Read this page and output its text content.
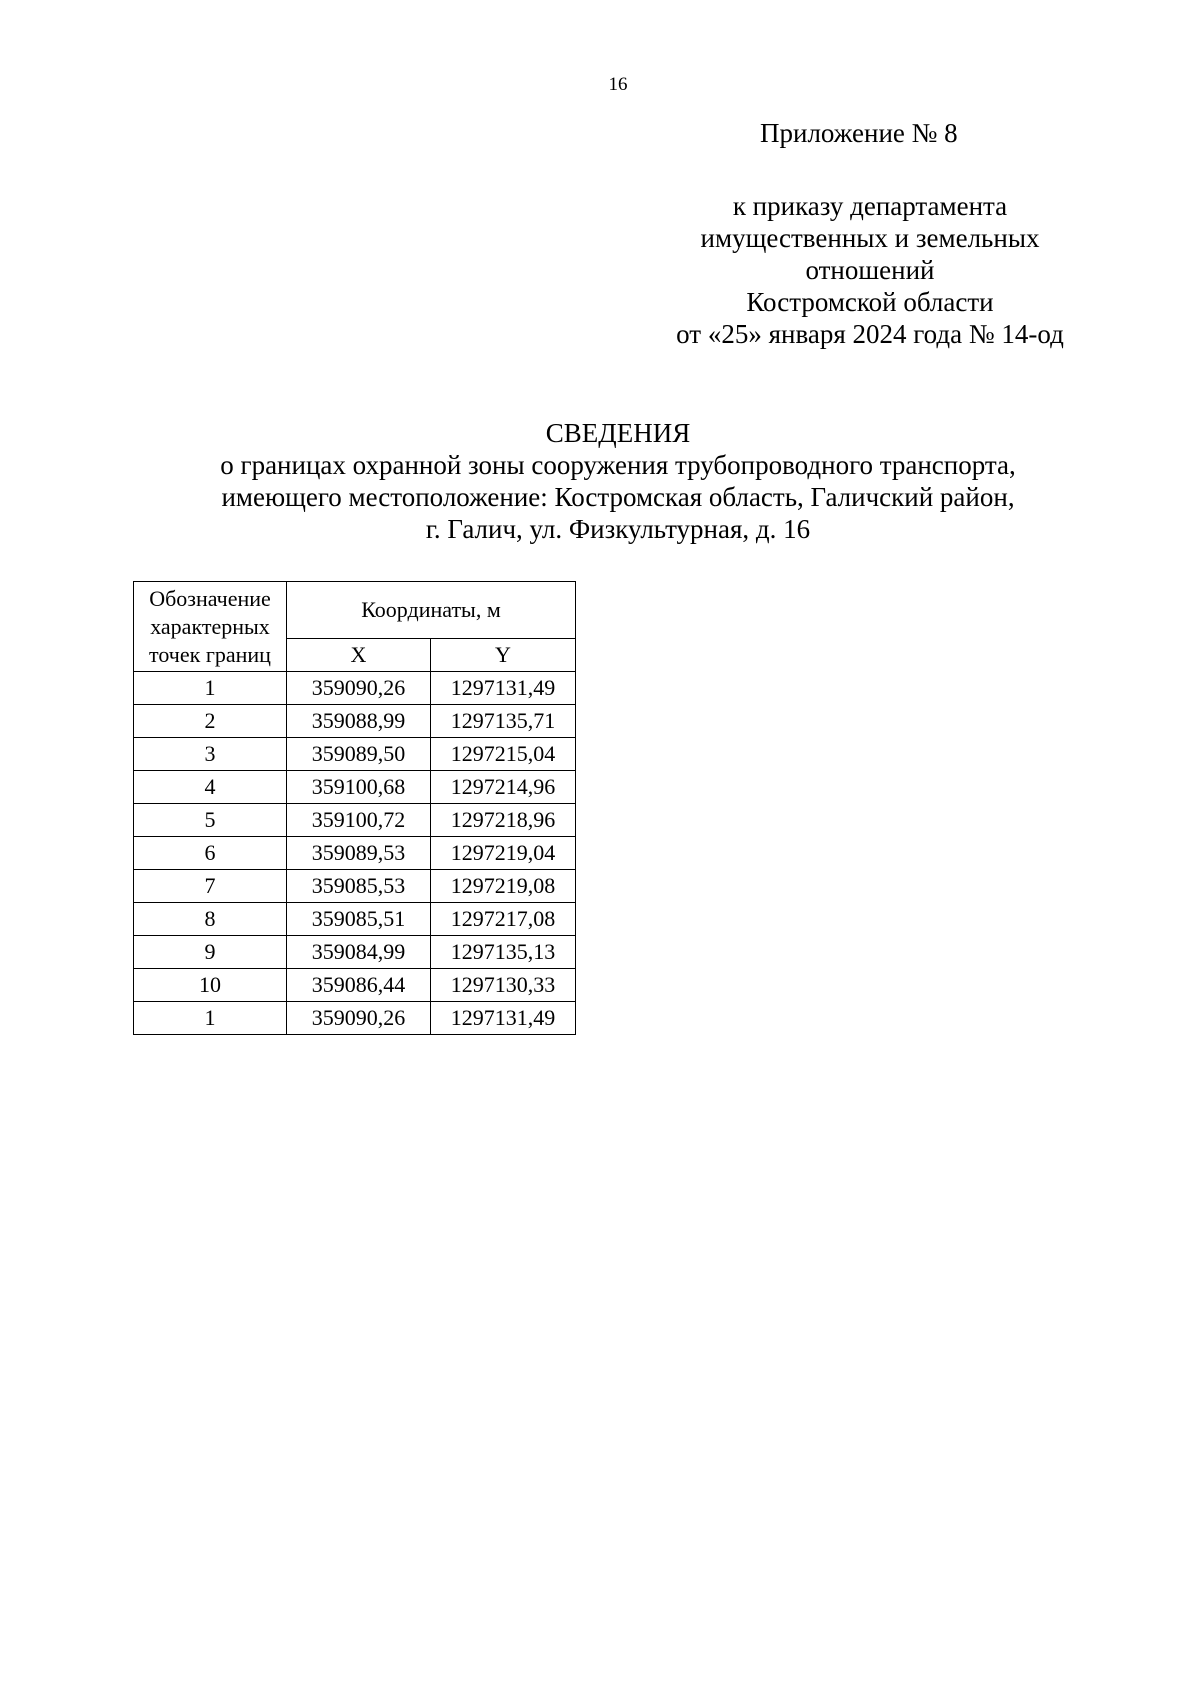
16
Приложение № 8
к приказу департамента
имущественных и земельных
отношений
Костромской области
от «25» января 2024 года № 14-од
СВЕДЕНИЯ
о границах охранной зоны сооружения трубопроводного транспорта,
имеющего местоположение: Костромская область, Галичский район,
г. Галич, ул. Физкультурная, д. 16
Обозначение
характерных
точек границ	Координаты, м	
	X	Y
1	359090,26	1297131,49
2	359088,99	1297135,71
3	359089,50	1297215,04
4	359100,68	1297214,96
5	359100,72	1297218,96
6	359089,53	1297219,04
7	359085,53	1297219,08
8	359085,51	1297217,08
9	359084,99	1297135,13
10	359086,44	1297130,33
1	359090,26	1297131,49
